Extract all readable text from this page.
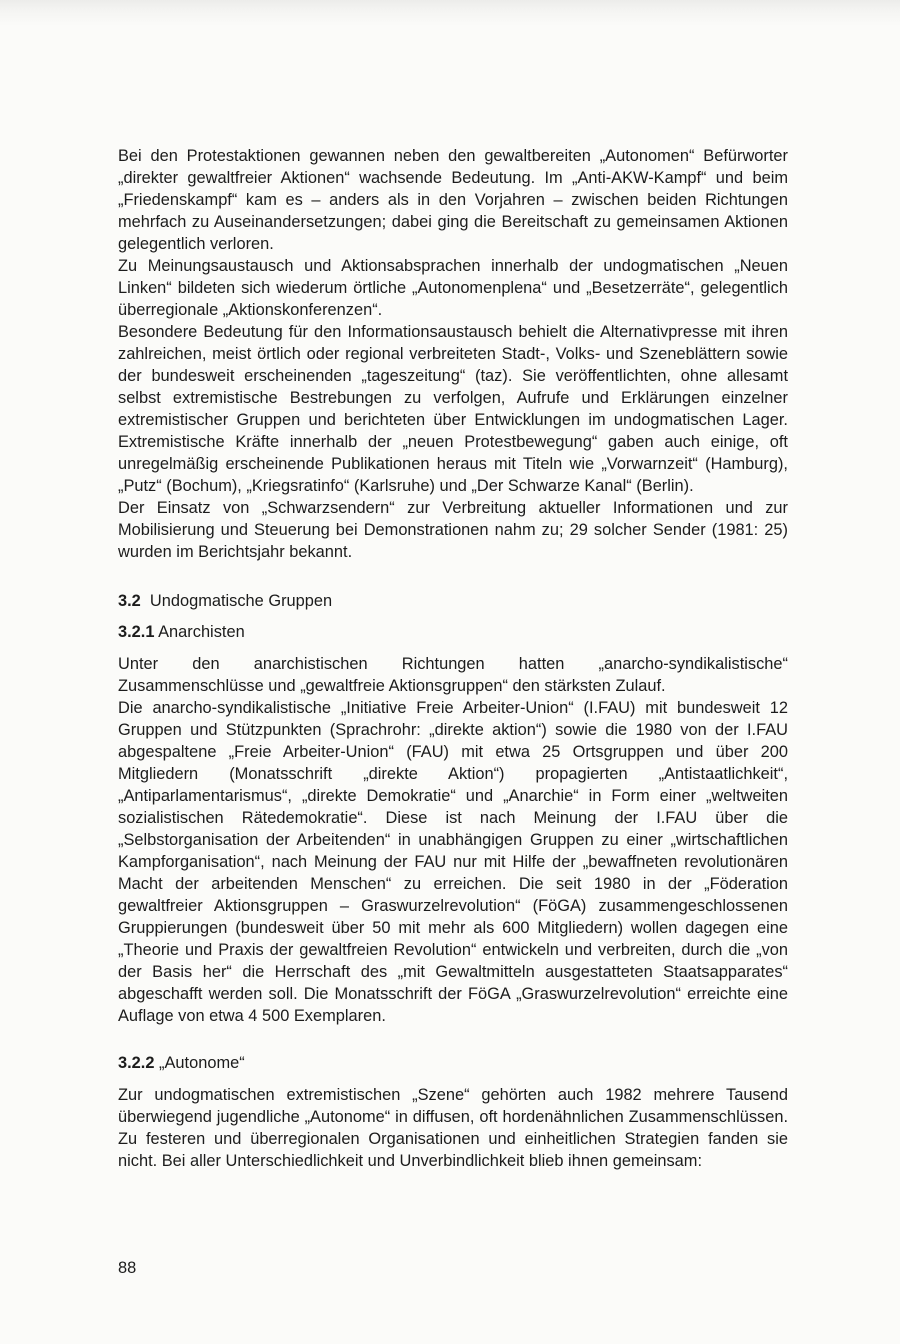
Bei den Protestaktionen gewannen neben den gewaltbereiten „Autonomen“ Befürworter „direkter gewaltfreier Aktionen“ wachsende Bedeutung. Im „Anti-AKW-Kampf“ und beim „Friedenskampf“ kam es – anders als in den Vorjahren – zwischen beiden Richtungen mehrfach zu Auseinandersetzungen; dabei ging die Bereitschaft zu gemeinsamen Aktionen gelegentlich verloren.

Zu Meinungsaustausch und Aktionsabsprachen innerhalb der undogmatischen „Neuen Linken“ bildeten sich wiederum örtliche „Autonomenplena“ und „Besetzerräte“, gelegentlich überregionale „Aktionskonferenzen“.

Besondere Bedeutung für den Informationsaustausch behielt die Alternativpresse mit ihren zahlreichen, meist örtlich oder regional verbreiteten Stadt-, Volks- und Szeneblättern sowie der bundesweit erscheinenden „tageszeitung“ (taz). Sie veröffentlichten, ohne allesamt selbst extremistische Bestrebungen zu verfolgen, Aufrufe und Erklärungen einzelner extremistischer Gruppen und berichteten über Entwicklungen im undogmatischen Lager. Extremistische Kräfte innerhalb der „neuen Protestbewegung“ gaben auch einige, oft unregelmäßig erscheinende Publikationen heraus mit Titeln wie „Vorwarnzeit“ (Hamburg), „Putz“ (Bochum), „Kriegsratinfo“ (Karlsruhe) und „Der Schwarze Kanal“ (Berlin).

Der Einsatz von „Schwarzsendern“ zur Verbreitung aktueller Informationen und zur Mobilisierung und Steuerung bei Demonstrationen nahm zu; 29 solcher Sender (1981: 25) wurden im Berichtsjahr bekannt.

3.2 Undogmatische Gruppen
3.2.1 Anarchisten

Unter den anarchistischen Richtungen hatten „anarcho-syndikalistische“ Zusammenschlüsse und „gewaltfreie Aktionsgruppen“ den stärksten Zulauf.

Die anarcho-syndikalistische „Initiative Freie Arbeiter-Union“ (I.FAU) mit bundesweit 12 Gruppen und Stützpunkten (Sprachrohr: „direkte aktion“) sowie die 1980 von der I.FAU abgespaltene „Freie Arbeiter-Union“ (FAU) mit etwa 25 Ortsgruppen und über 200 Mitgliedern (Monatsschrift „direkte Aktion“) propagierten „Antistaatlichkeit“, „Antiparlamentarismus“, „direkte Demokratie“ und „Anarchie“ in Form einer „weltweiten sozialistischen Rätedemokratie“. Diese ist nach Meinung der I.FAU über die „Selbstorganisation der Arbeitenden“ in unabhängigen Gruppen zu einer „wirtschaftlichen Kampforganisation“, nach Meinung der FAU nur mit Hilfe der „bewaffneten revolutionären Macht der arbeitenden Menschen“ zu erreichen. Die seit 1980 in der „Föderation gewaltfreier Aktionsgruppen – Graswurzelrevolution“ (FöGA) zusammengeschlossenen Gruppierungen (bundesweit über 50 mit mehr als 600 Mitgliedern) wollen dagegen eine „Theorie und Praxis der gewaltfreien Revolution“ entwickeln und verbreiten, durch die „von der Basis her“ die Herrschaft des „mit Gewaltmitteln ausgestatteten Staatsapparates“ abgeschafft werden soll. Die Monatsschrift der FöGA „Graswurzelrevolution“ erreichte eine Auflage von etwa 4 500 Exemplaren.

3.2.2 „Autonome“

Zur undogmatischen extremistischen „Szene“ gehörten auch 1982 mehrere Tausend überwiegend jugendliche „Autonome“ in diffusen, oft hordenähnlichen Zusammenschlüssen. Zu festeren und überregionalen Organisationen und einheitlichen Strategien fanden sie nicht. Bei aller Unterschiedlichkeit und Unverbindlichkeit blieb ihnen gemeinsam:

88
